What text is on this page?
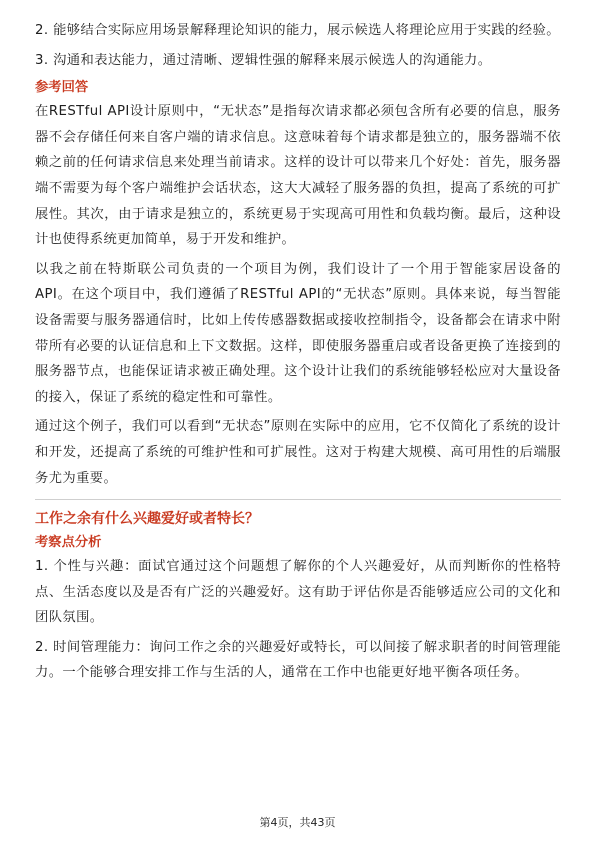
2. 能够结合实际应用场景解释理论知识的能力，展示候选人将理论应用于实践的经验。

3. 沟通和表达能力，通过清晰、逻辑性强的解释来展示候选人的沟通能力。

参考回答

在RESTful API设计原则中，“无状态”是指每次请求都必须包含所有必要的信息，服务器不会存储任何来自客户端的请求信息。这意味着每个请求都是独立的，服务器端不依赖之前的任何请求信息来处理当前请求。这样的设计可以带来几个好处：首先，服务器端不需要为每个客户端维护会话状态，这大大减轻了服务器的负担，提高了系统的可扩展性。其次，由于请求是独立的，系统更易于实现高可用性和负载均衡。最后，这种设计也使得系统更加简单，易于开发和维护。

以我之前在特斯联公司负责的一个项目为例，我们设计了一个用于智能家居设备的API。在这个项目中，我们遵循了RESTful API的“无状态”原则。具体来说，每当智能设备需要与服务器通信时，比如上传传感器数据或接收控制指令，设备都会在请求中附带所有必要的认证信息和上下文数据。这样，即使服务器重启或者设备更换了连接到的服务器节点，也能保证请求被正确处理。这个设计让我们的系统能够轻松应对大量设备的接入，保证了系统的稳定性和可靠性。

通过这个例子，我们可以看到“无状态”原则在实际中的应用，它不仅简化了系统的设计和开发，还提高了系统的可维护性和可扩展性。这对于构建大规模、高可用性的后端服务尤为重要。

工作之余有什么兴趣爱好或者特长？

考察点分析

1. 个性与兴趣：面试官通过这个问题想了解你的个人兴趣爱好，从而判断你的性格特点、生活态度以及是否有广泛的兴趣爱好。这有助于评估你是否能够适应公司的文化和团队氛围。

2. 时间管理能力：询问工作之余的兴趣爱好或特长，可以间接了解求职者的时间管理能力。一个能够合理安排工作与生活的人，通常在工作中也能更好地平衡各项任务。

第4页，共43页
